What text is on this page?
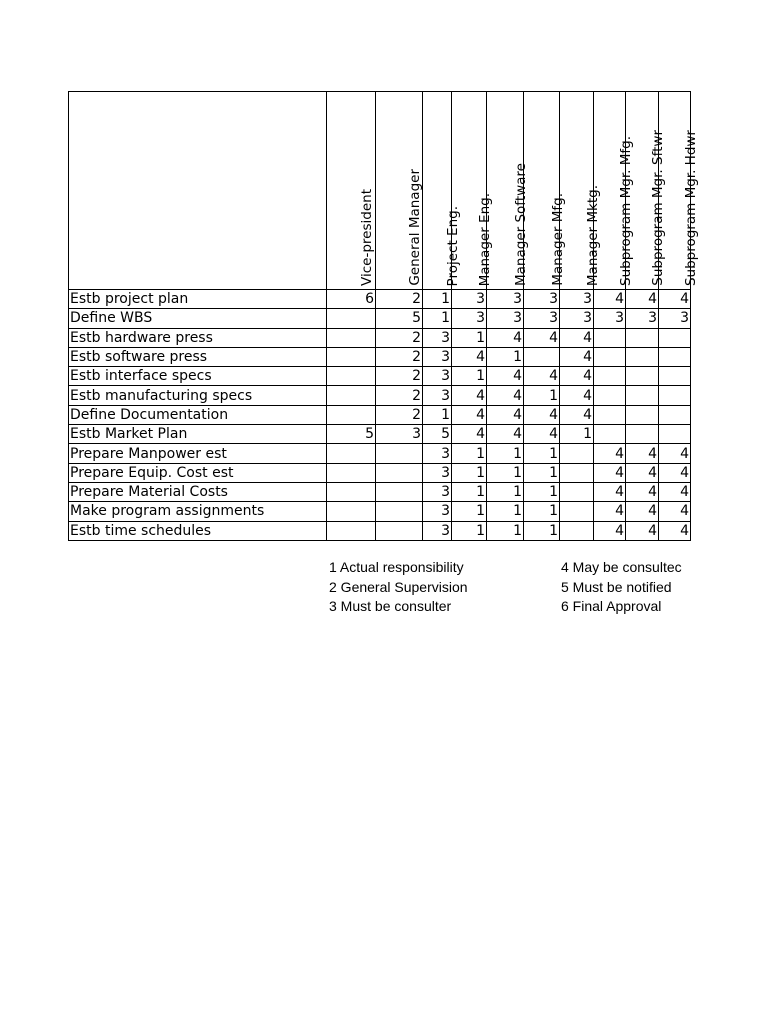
	Vice-president	General Manager	Project Eng.	Manager Eng.	Manager Software	Manager Mfg.	Manager Mktg.	Subprogram Mgr. Mfg.	Subprogram Mgr. Sftwr	Subprogram Mgr. Hdwr

Estb project plan	6	2	1	3	3	3	3	4	4	4
Define WBS		5	1	3	3	3	3	3	3	3
Estb hardware press		2	3	1	4	4	4			
Estb software press		2	3	4	1		4			
Estb interface specs		2	3	1	4	4	4			
Estb manufacturing specs		2	3	4	4	1	4			
Define Documentation		2	1	4	4	4	4			
Estb Market Plan	5	3	5	4	4	4	1			
Prepare Manpower est			3	1	1	1		4	4	4
Prepare Equip. Cost est			3	1	1	1		4	4	4
Prepare Material Costs			3	1	1	1		4	4	4
Make program assignments			3	1	1	1		4	4	4
Estb time schedules			3	1	1	1		4	4	4
1 Actual responsibility
2 General Supervision
3 Must be consulter
4 May be consultec
5 Must be notified
6 Final Approval
